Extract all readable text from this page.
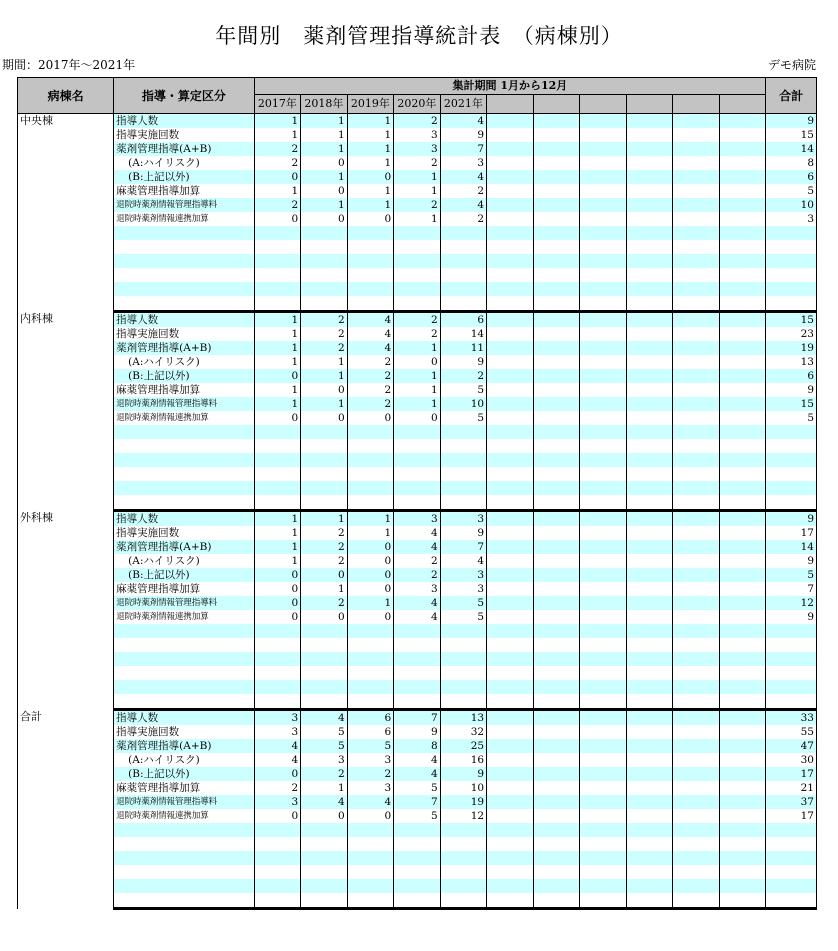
年間別　薬剤管理指導統計表　（病棟別）
期間：2017年～2021年	デモ病院
病棟名	指導・算定区分	集計期間 1月から12月											合計
		2017年	2018年	2019年	2020年	2021年							
中央棟	指導人数	1	1	1	2	4							9
	指導実施回数	1	1	1	3	9							15
	薬剤管理指導(A+B)	2	1	1	3	7							14
	(A:ハイリスク)	2	0	1	2	3							8
	(B:上記以外)	0	1	0	1	4							6
	麻薬管理指導加算	1	0	1	1	2							5
	退院時薬剤情報管理指導料	2	1	1	2	4							10
	退院時薬剤情報連携加算	0	0	0	1	2							3

内科棟	指導人数	1	2	4	2	6							15
	指導実施回数	1	2	4	2	14							23
	薬剤管理指導(A+B)	1	2	4	1	11							19
	(A:ハイリスク)	1	1	2	0	9							13
	(B:上記以外)	0	1	2	1	2							6
	麻薬管理指導加算	1	0	2	1	5							9
	退院時薬剤情報管理指導料	1	1	2	1	10							15
	退院時薬剤情報連携加算	0	0	0	0	5							5

外科棟	指導人数	1	1	1	3	3							9
	指導実施回数	1	2	1	4	9							17
	薬剤管理指導(A+B)	1	2	0	4	7							14
	(A:ハイリスク)	1	2	0	2	4							9
	(B:上記以外)	0	0	0	2	3							5
	麻薬管理指導加算	0	1	0	3	3							7
	退院時薬剤情報管理指導料	0	2	1	4	5							12
	退院時薬剤情報連携加算	0	0	0	4	5							9

合計	指導人数	3	4	6	7	13							33
	指導実施回数	3	5	6	9	32							55
	薬剤管理指導(A+B)	4	5	5	8	25							47
	(A:ハイリスク)	4	3	3	4	16							30
	(B:上記以外)	0	2	2	4	9							17
	麻薬管理指導加算	2	1	3	5	10							21
	退院時薬剤情報管理指導料	3	4	4	7	19							37
	退院時薬剤情報連携加算	0	0	0	5	12							17
